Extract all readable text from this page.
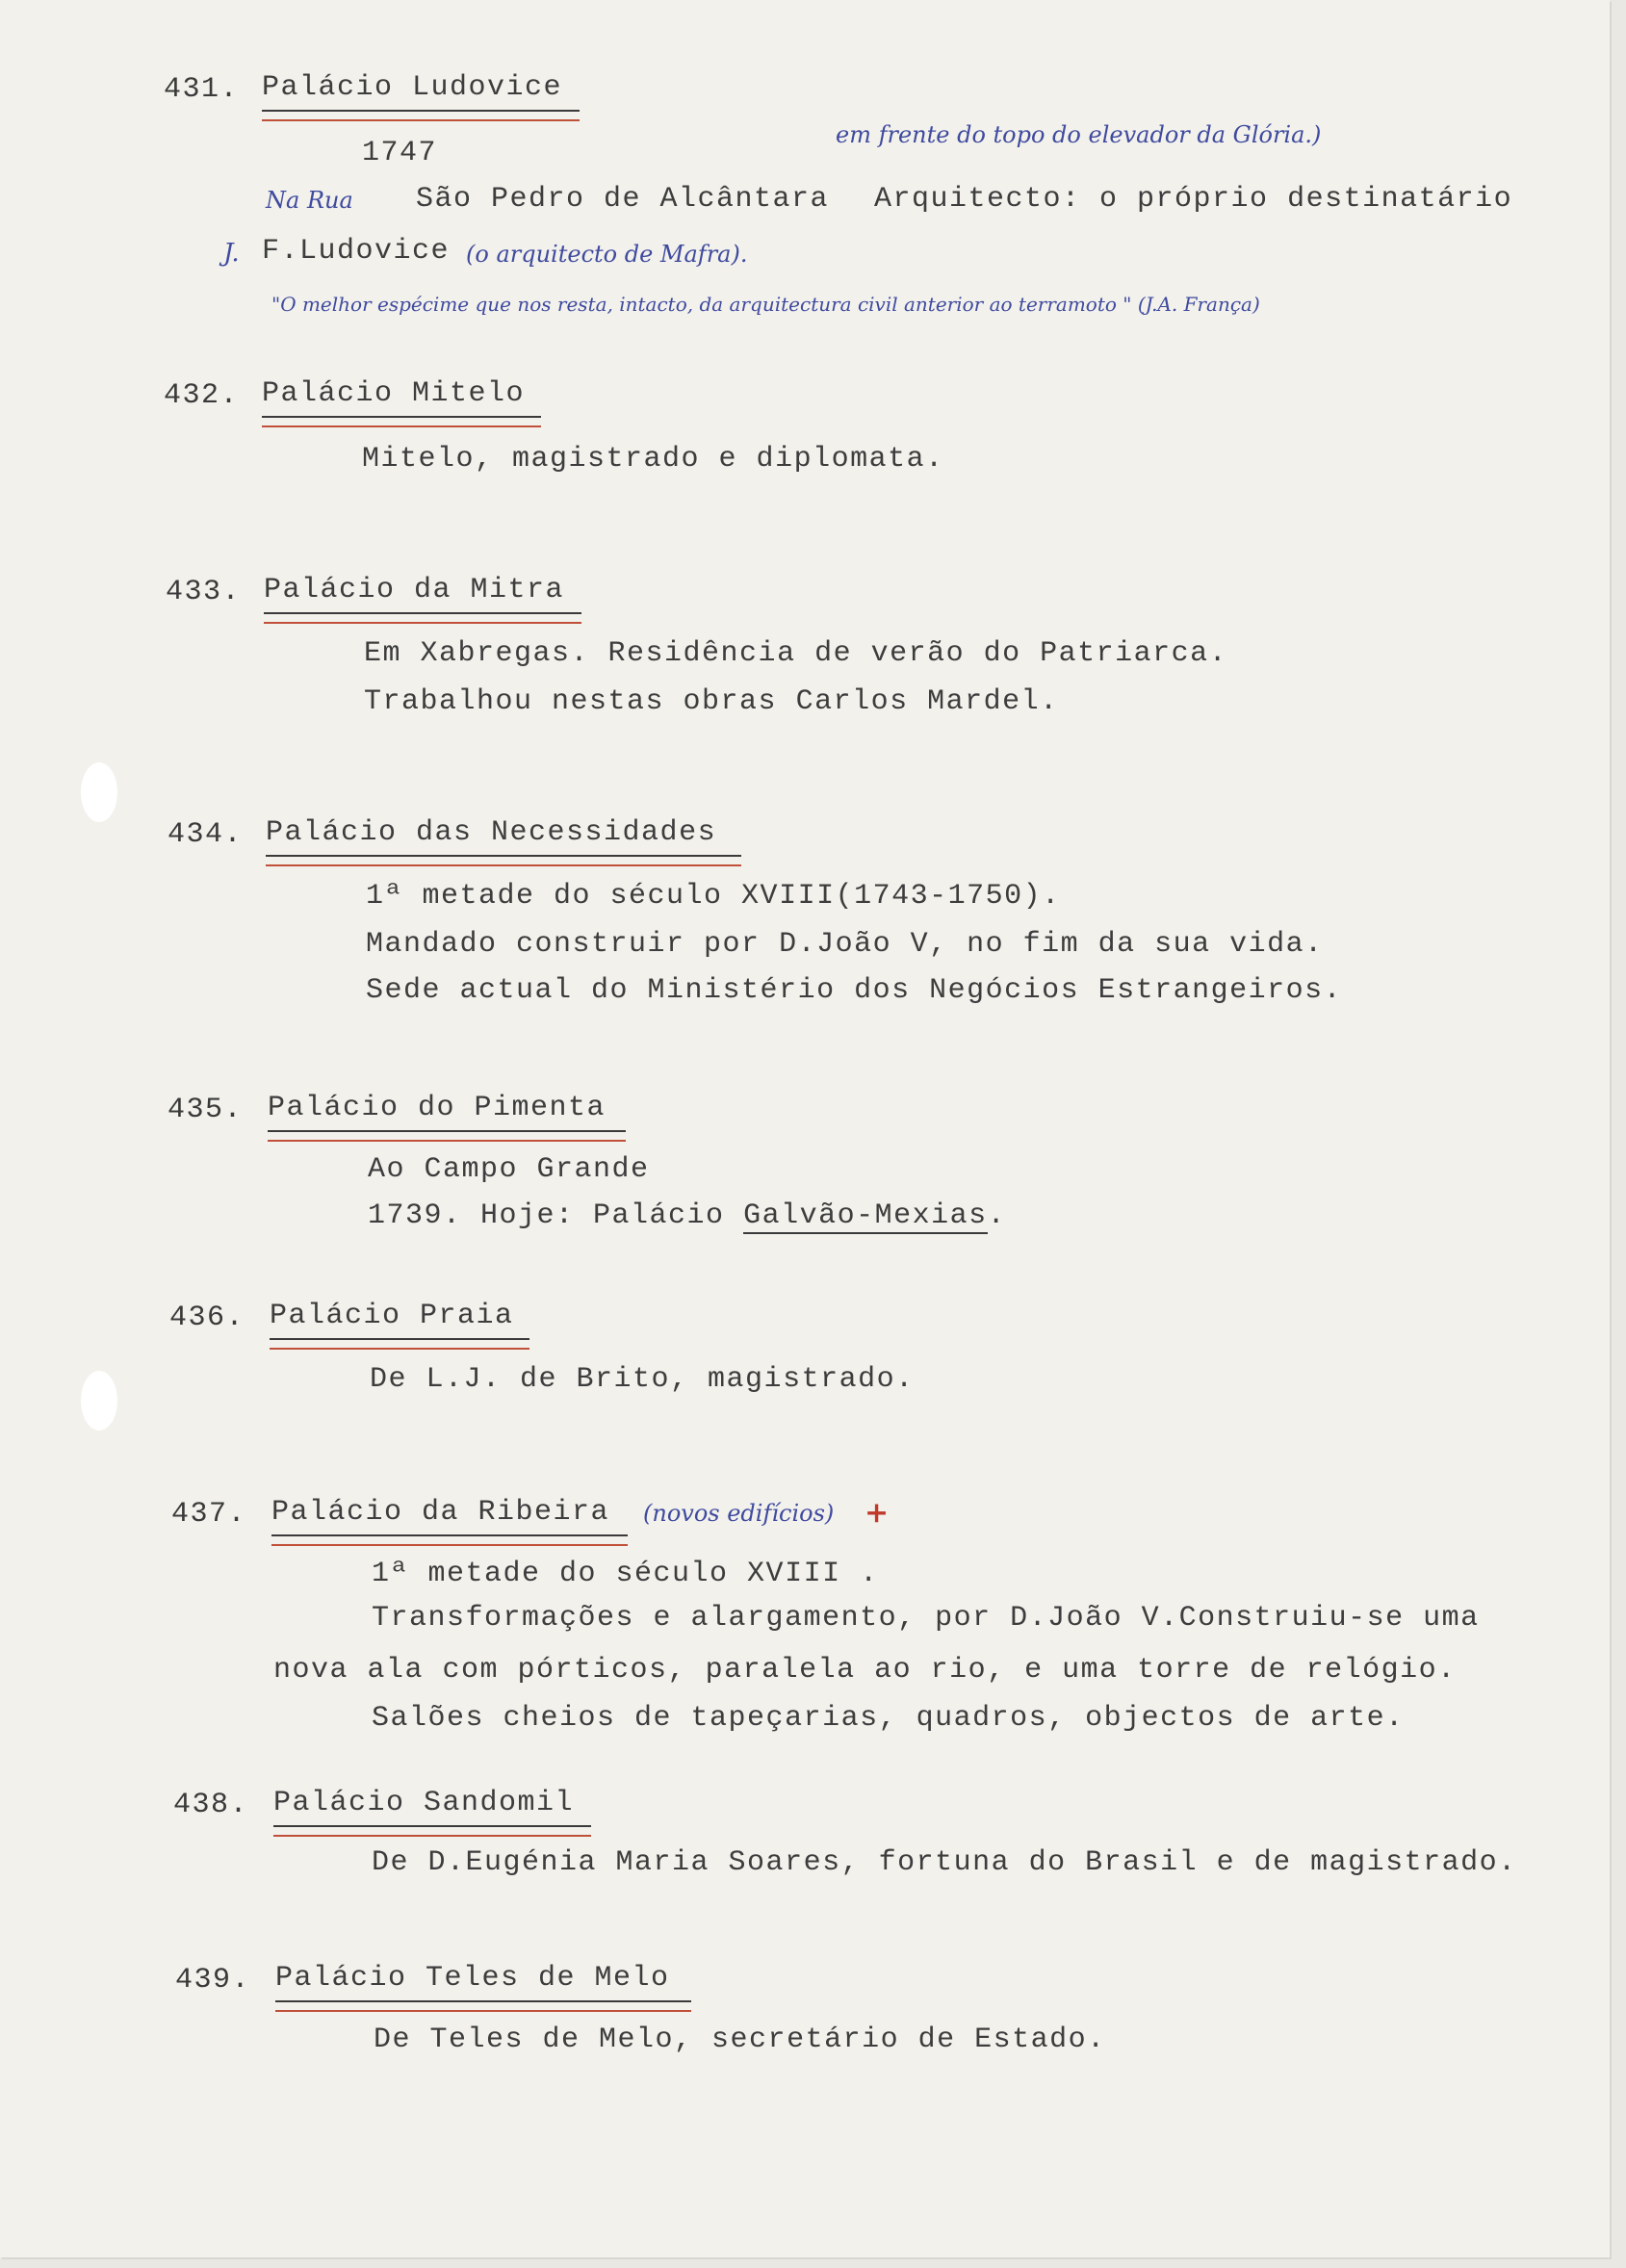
431. Palácio Ludovice
em frente do topo do elevador da Glória.)
1747
Na Rua São Pedro de Alcântara Arquitecto: o próprio destinatário
J. F.Ludovice (o arquitecto de Mafra).
"O melhor espécime que nos resta, intacto, da arquitectura civil anterior ao terramoto " (J.A. França)
432. Palácio Mitelo
Mitelo, magistrado e diplomata.
433. Palácio da Mitra
Em Xabregas. Residência de verão do Patriarca.
Trabalhou nestas obras Carlos Mardel.
434. Palácio das Necessidades
1ª metade do século XVIII(1743-1750).
Mandado construir por D.João V, no fim da sua vida.
Sede actual do Ministério dos Negócios Estrangeiros.
435. Palácio do Pimenta
Ao Campo Grande
1739. Hoje: Palácio Galvão-Mexias.
436. Palácio Praia
De L.J. de Brito, magistrado.
437. Palácio da Ribeira (novos edifícios) +
1ª metade do século XVIII .
Transformações e alargamento, por D.João V.Construiu-se uma
nova ala com pórticos, paralela ao rio, e uma torre de relógio.
Salões cheios de tapeçarias, quadros, objectos de arte.
438. Palácio Sandomil
De D.Eugénia Maria Soares, fortuna do Brasil e de magistrado.
439. Palácio Teles de Melo
De Teles de Melo, secretário de Estado.
